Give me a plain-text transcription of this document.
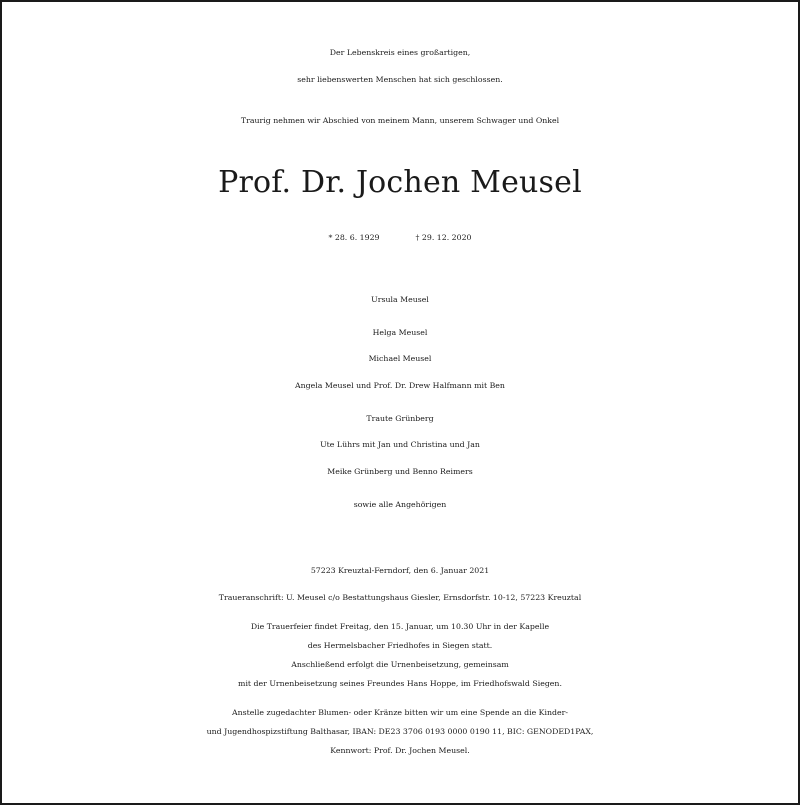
Der Lebenskreis eines großartigen,
sehr liebenswerten Menschen hat sich geschlossen.
Traurig nehmen wir Abschied von meinem Mann, unserem Schwager und Onkel
Prof. Dr. Jochen Meusel
* 28. 6. 1929	† 29. 12. 2020
Ursula Meusel
Helga Meusel
Michael Meusel
Angela Meusel und Prof. Dr. Drew Halfmann mit Ben
Traute Grünberg
Ute Lührs mit Jan und Christina und Jan
Meike Grünberg und Benno Reimers
sowie alle Angehörigen
57223 Kreuztal-Ferndorf, den 6. Januar 2021
Traueranschrift: U. Meusel c/o Bestattungshaus Giesler, Ernsdorfstr. 10-12, 57223 Kreuztal
Die Trauerfeier findet Freitag, den 15. Januar, um 10.30 Uhr in der Kapelle
des Hermelsbacher Friedhofes in Siegen statt.
Anschließend erfolgt die Urnenbeisetzung, gemeinsam
mit der Urnenbeisetzung seines Freundes Hans Hoppe, im Friedhofswald Siegen.
Anstelle zugedachter Blumen- oder Kränze bitten wir um eine Spende an die Kinder-
und Jugendhospizstiftung Balthasar, IBAN: DE23 3706 0193 0000 0190 11, BIC: GENODED1PAX,
Kennwort: Prof. Dr. Jochen Meusel.
